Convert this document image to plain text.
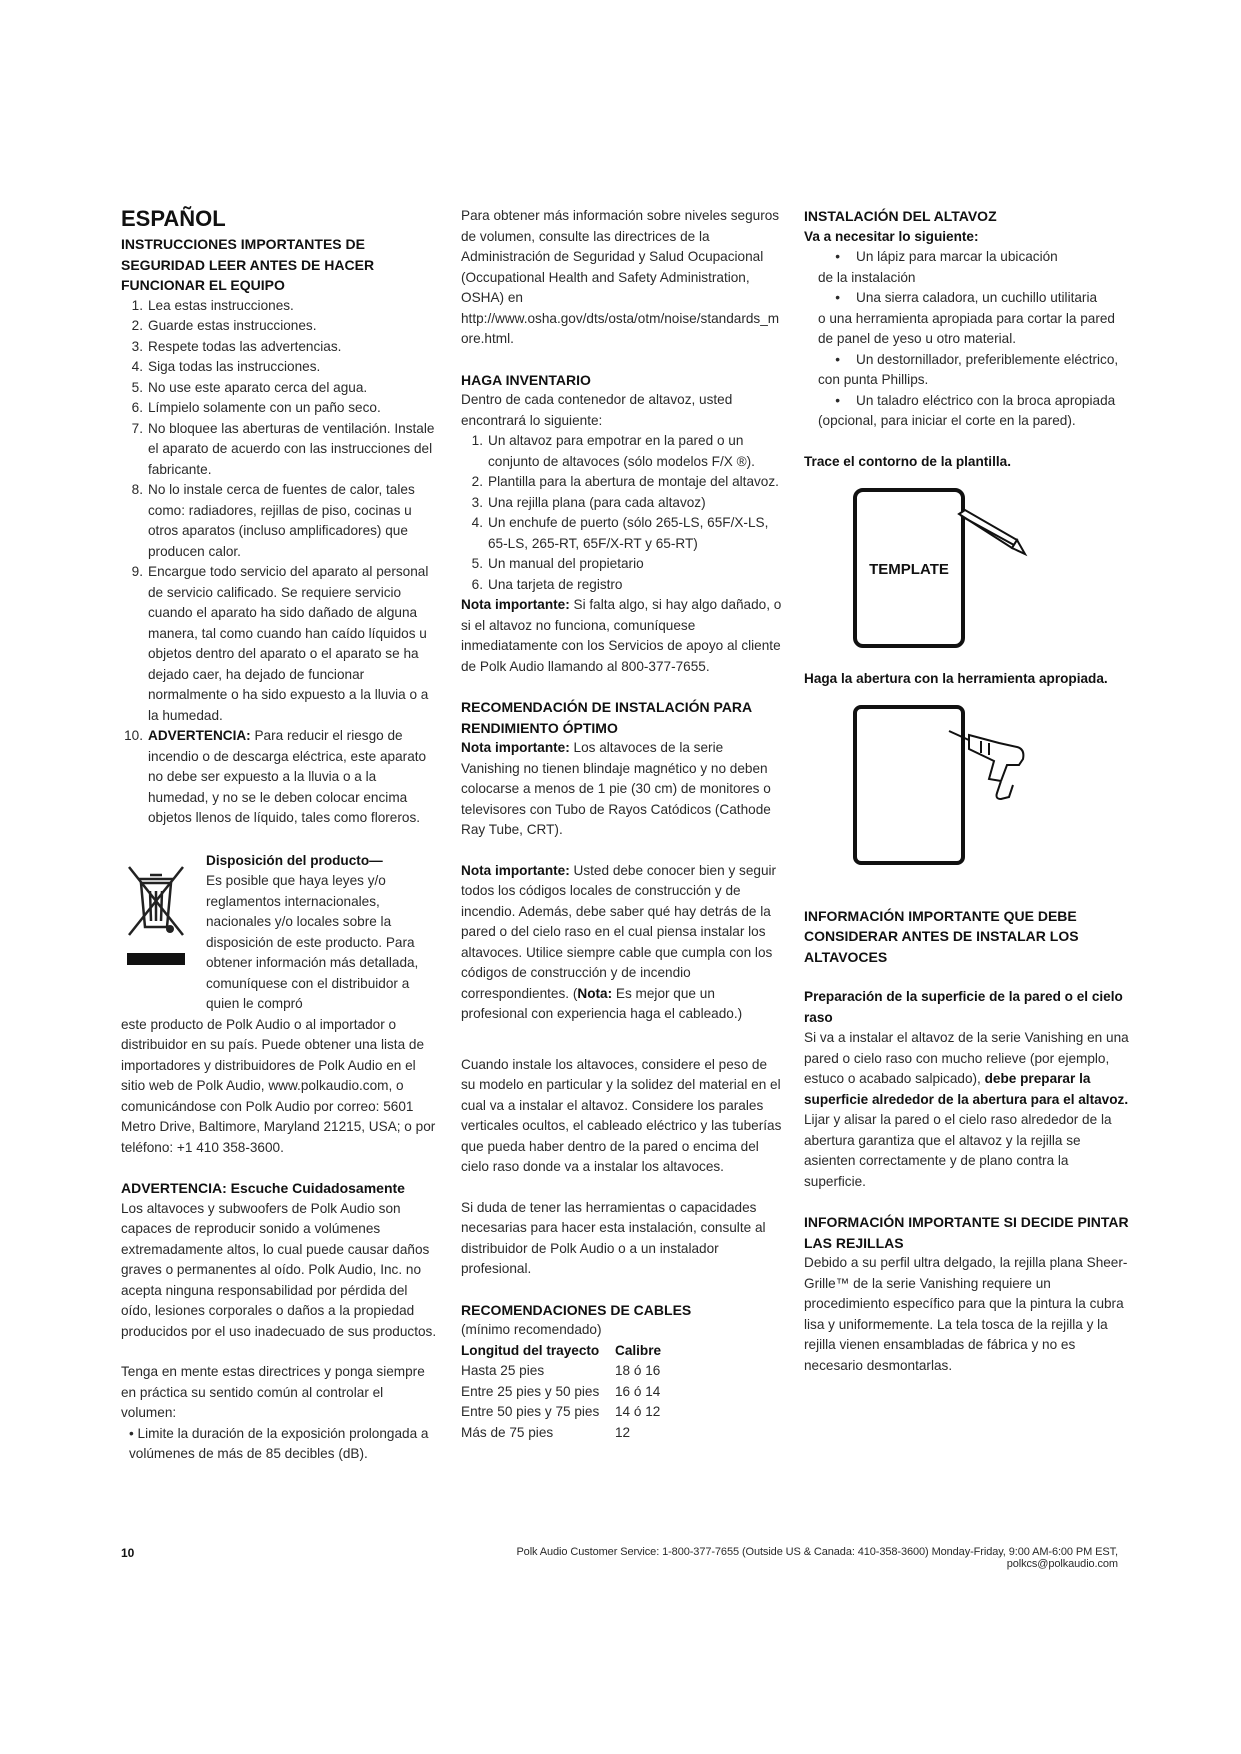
ESPAÑOL
INSTRUCCIONES IMPORTANTES DE SEGURIDAD LEER ANTES DE HACER FUNCIONAR EL EQUIPO
1. Lea estas instrucciones.
2. Guarde estas instrucciones.
3. Respete todas las advertencias.
4. Siga todas las instrucciones.
5. No use este aparato cerca del agua.
6. Límpielo solamente con un paño seco.
7. No bloquee las aberturas de ventilación. Instale el aparato de acuerdo con las instrucciones del fabricante.
8. No lo instale cerca de fuentes de calor, tales como: radiadores, rejillas de piso, cocinas u otros aparatos (incluso amplificadores) que producen calor.
9. Encargue todo servicio del aparato al personal de servicio calificado. Se requiere servicio cuando el aparato ha sido dañado de alguna manera, tal como cuando han caído líquidos u objetos dentro del aparato o el aparato se ha dejado caer, ha dejado de funcionar normalmente o ha sido expuesto a la lluvia o a la humedad.
10. ADVERTENCIA: Para reducir el riesgo de incendio o de descarga eléctrica, este aparato no debe ser expuesto a la lluvia o a la humedad, y no se le deben colocar encima objetos llenos de líquido, tales como floreros.
Disposición del producto—

Es posible que haya leyes y/o reglamentos internacionales, nacionales y/o locales sobre la disposición de este producto. Para obtener información más detallada, comuníquese con el distribuidor a quien le compró

este producto de Polk Audio o al importador o distribuidor en su país. Puede obtener una lista de importadores y distribuidores de Polk Audio en el sitio web de Polk Audio, www.polkaudio.com, o comunicándose con Polk Audio por correo: 5601 Metro Drive, Baltimore, Maryland 21215, USA; o por teléfono: +1 410 358-3600.

ADVERTENCIA: Escuche Cuidadosamente

Los altavoces y subwoofers de Polk Audio son capaces de reproducir sonido a volúmenes extremadamente altos, lo cual puede causar daños graves o permanentes al oído. Polk Audio, Inc. no acepta ninguna responsabilidad por pérdida del oído, lesiones corporales o daños a la propiedad producidos por el uso inadecuado de sus productos.

Tenga en mente estas directrices y ponga siempre en práctica su sentido común al controlar el volumen:

• Limite la duración de la exposición prolongada a volúmenes de más de 85 decibles (dB).

Para obtener más información sobre niveles seguros de volumen, consulte las directrices de la Administración de Seguridad y Salud Ocupacional (Occupational Health and Safety Administration, OSHA) en http://www.osha.gov/dts/osta/otm/noise/standards_more.html.

HAGA INVENTARIO

Dentro de cada contenedor de altavoz, usted encontrará lo siguiente:

1. Un altavoz para empotrar en la pared o un conjunto de altavoces (sólo modelos F/X ®).
2. Plantilla para la abertura de montaje del altavoz.
3. Una rejilla plana (para cada altavoz)
4. Un enchufe de puerto (sólo 265-LS, 65F/X-LS, 65-LS, 265-RT, 65F/X-RT y 65-RT)
5. Un manual del propietario
6. Una tarjeta de registro

Nota importante: Si falta algo, si hay algo dañado, o si el altavoz no funciona, comuníquese inmediatamente con los Servicios de apoyo al cliente de Polk Audio llamando al 800-377-7655.

RECOMENDACIÓN DE INSTALACIÓN PARA RENDIMIENTO ÓPTIMO

Nota importante: Los altavoces de la serie Vanishing no tienen blindaje magnético y no deben colocarse a menos de 1 pie (30 cm) de monitores o televisores con Tubo de Rayos Catódicos (Cathode Ray Tube, CRT).

Nota importante: Usted debe conocer bien y seguir todos los códigos locales de construcción y de incendio. Además, debe saber qué hay detrás de la pared o del cielo raso en el cual piensa instalar los altavoces. Utilice siempre cable que cumpla con los códigos de construcción y de incendio correspondientes. (Nota: Es mejor que un profesional con experiencia haga el cableado.)

Cuando instale los altavoces, considere el peso de su modelo en particular y la solidez del material en el cual va a instalar el altavoz. Considere los parales verticales ocultos, el cableado eléctrico y las tuberías que pueda haber dentro de la pared o encima del cielo raso donde va a instalar los altavoces.

Si duda de tener las herramientas o capacidades necesarias para hacer esta instalación, consulte al distribuidor de Polk Audio o a un instalador profesional.

RECOMENDACIONES DE CABLES

(mínimo recomendado)

Longitud del trayecto	Calibre
Hasta 25 pies	18 ó 16
Entre 25 pies y 50 pies	16 ó 14
Entre 50 pies y 75 pies	14 ó 12
Más de 75 pies	12
INSTALACIÓN DEL ALTAVOZ
Va a necesitar lo siguiente:
• Un lápiz para marcar la ubicación
de la instalación
• Una sierra caladora, un cuchillo utilitaria
o una herramienta apropiada para cortar la pared de panel de yeso u otro material.
• Un destornillador, preferiblemente eléctrico,
con punta Phillips.
• Un taladro eléctrico con la broca apropiada
(opcional, para iniciar el corte en la pared).
Trace el contorno de la plantilla.
TEMPLATE
Haga la abertura con la herramienta apropiada.
INFORMACIÓN IMPORTANTE QUE DEBE CONSIDERAR ANTES DE INSTALAR LOS ALTAVOCES
Preparación de la superficie de la pared o el cielo raso

Si va a instalar el altavoz de la serie Vanishing en una pared o cielo raso con mucho relieve (por ejemplo, estuco o acabado salpicado), debe preparar la superficie alrededor de la abertura para el altavoz. Lijar y alisar la pared o el cielo raso alrededor de la abertura garantiza que el altavoz y la rejilla se asienten correctamente y de plano contra la superficie.

INFORMACIÓN IMPORTANTE SI DECIDE PINTAR LAS REJILLAS

Debido a su perfil ultra delgado, la rejilla plana Sheer-Grille™ de la serie Vanishing requiere un procedimiento específico para que la pintura la cubra lisa y uniformemente. La tela tosca de la rejilla y la rejilla vienen ensambladas de fábrica y no es necesario desmontarlas.

10	Polk Audio Customer Service: 1-800-377-7655 (Outside US & Canada: 410-358-3600) Monday-Friday, 9:00 AM-6:00 PM EST, polkcs@polkaudio.com
